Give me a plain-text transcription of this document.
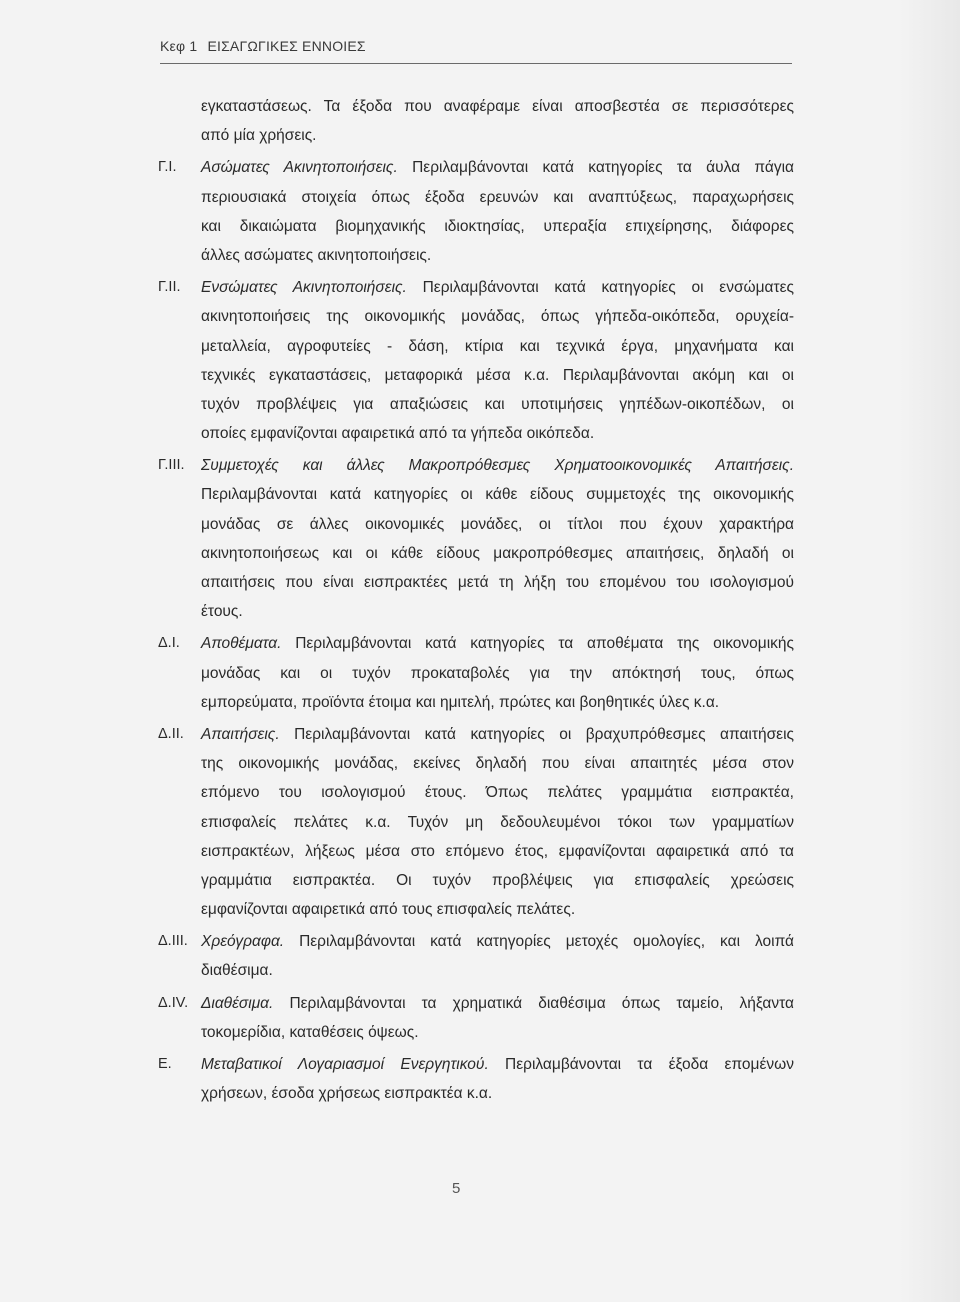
Κεφ 1 ΕΙΣΑΓΩΓΙΚΕΣ ΕΝΝΟΙΕΣ
εγκαταστάσεως. Τα έξοδα που αναφέραμε είναι αποσβεστέα σε περισσότερες
από μία χρήσεις.
Γ.Ι. Ασώματες Ακινητοποιήσεις. Περιλαμβάνονται κατά κατηγορίες τα άυλα πάγια
περιουσιακά στοιχεία όπως έξοδα ερευνών και αναπτύξεως, παραχωρήσεις
και δικαιώματα βιομηχανικής ιδιοκτησίας, υπεραξία επιχείρησης, διάφορες
άλλες ασώματες ακινητοποιήσεις.
Γ.ΙΙ. Ενσώματες Ακινητοποιήσεις. Περιλαμβάνονται κατά κατηγορίες οι ενσώματες
ακινητοποιήσεις της οικονομικής μονάδας, όπως γήπεδα-οικόπεδα, ορυχεία-
μεταλλεία, αγροφυτείες - δάση, κτίρια και τεχνικά έργα, μηχανήματα και
τεχνικές εγκαταστάσεις, μεταφορικά μέσα κ.α. Περιλαμβάνονται ακόμη και οι
τυχόν προβλέψεις για απαξιώσεις και υποτιμήσεις γηπέδων-οικοπέδων, οι
οποίες εμφανίζονται αφαιρετικά από τα γήπεδα οικόπεδα.
Γ.ΙΙΙ. Συμμετοχές και άλλες Μακροπρόθεσμες Χρηματοοικονομικές Απαιτήσεις.
Περιλαμβάνονται κατά κατηγορίες οι κάθε είδους συμμετοχές της οικονομικής
μονάδας σε άλλες οικονομικές μονάδες, οι τίτλοι που έχουν χαρακτήρα
ακινητοποιήσεως και οι κάθε είδους μακροπρόθεσμες απαιτήσεις, δηλαδή οι
απαιτήσεις που είναι εισπρακτέες μετά τη λήξη του επομένου του ισολογισμού
έτους.
Δ.Ι. Αποθέματα. Περιλαμβάνονται κατά κατηγορίες τα αποθέματα της οικονομικής
μονάδας και οι τυχόν προκαταβολές για την απόκτησή τους, όπως
εμπορεύματα, προϊόντα έτοιμα και ημιτελή, πρώτες και βοηθητικές ύλες κ.α.
Δ.ΙΙ. Απαιτήσεις. Περιλαμβάνονται κατά κατηγορίες οι βραχυπρόθεσμες απαιτήσεις
της οικονομικής μονάδας, εκείνες δηλαδή που είναι απαιτητές μέσα στον
επόμενο του ισολογισμού έτους. Όπως πελάτες γραμμάτια εισπρακτέα,
επισφαλείς πελάτες κ.α. Τυχόν μη δεδουλευμένοι τόκοι των γραμματίων
εισπρακτέων, λήξεως μέσα στο επόμενο έτος, εμφανίζονται αφαιρετικά από τα
γραμμάτια εισπρακτέα. Οι τυχόν προβλέψεις για επισφαλείς χρεώσεις
εμφανίζονται αφαιρετικά από τους επισφαλείς πελάτες.
Δ.ΙΙΙ. Χρεόγραφα. Περιλαμβάνονται κατά κατηγορίες μετοχές ομολογίες, και λοιπά
διαθέσιμα.
Δ.ΙV. Διαθέσιμα. Περιλαμβάνονται τα χρηματικά διαθέσιμα όπως ταμείο, λήξαντα
τοκομερίδια, καταθέσεις όψεως.
Ε. Μεταβατικοί Λογαριασμοί Ενεργητικού. Περιλαμβάνονται τα έξοδα επομένων
χρήσεων, έσοδα χρήσεως εισπρακτέα κ.α.
5
